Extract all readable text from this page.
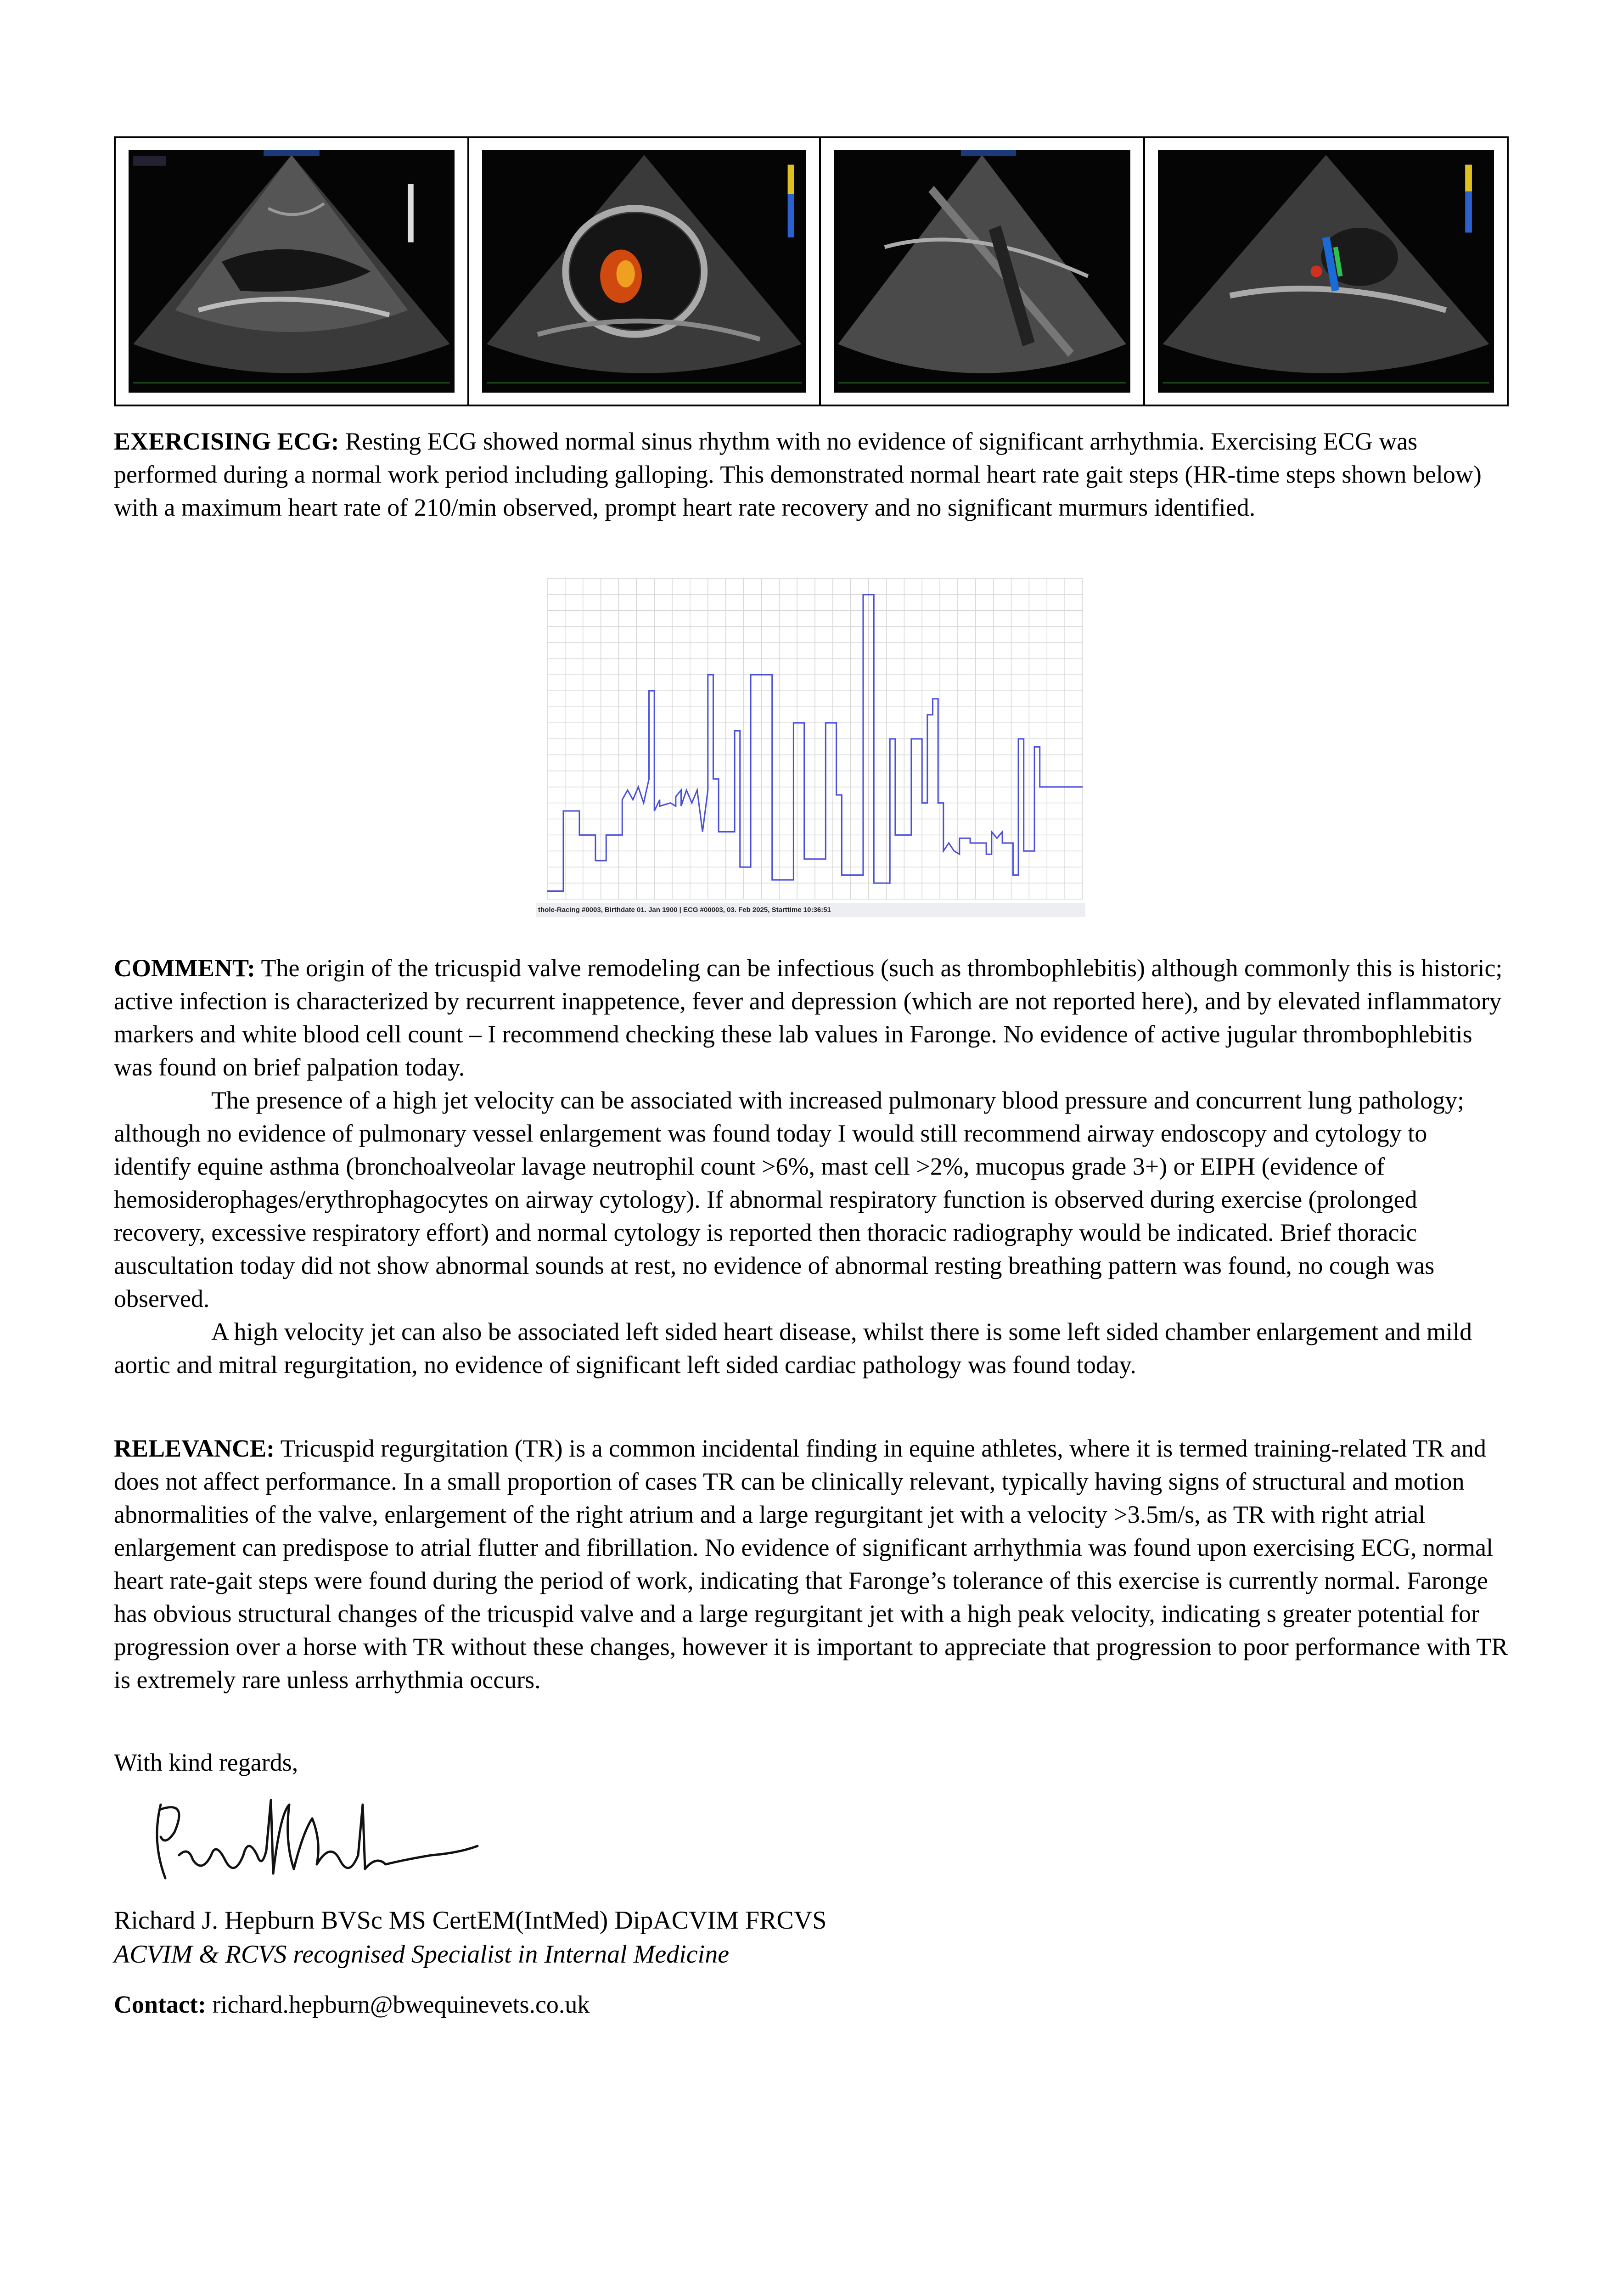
EXERCISING ECG: Resting ECG showed normal sinus rhythm with no evidence of significant arrhythmia. Exercising ECG was performed during a normal work period including galloping. This demonstrated normal heart rate gait steps (HR-time steps shown below) with a maximum heart rate of 210/min observed, prompt heart rate recovery and no significant murmurs identified.

thole-Racing #0003, Birthdate 01. Jan 1900 | ECG #00003, 03. Feb 2025, Starttime 10:36:51

COMMENT: The origin of the tricuspid valve remodeling can be infectious (such as thrombophlebitis) although commonly this is historic; active infection is characterized by recurrent inappetence, fever and depression (which are not reported here), and by elevated inflammatory markers and white blood cell count – I recommend checking these lab values in Faronge. No evidence of active jugular thrombophlebitis was found on brief palpation today.

The presence of a high jet velocity can be associated with increased pulmonary blood pressure and concurrent lung pathology; although no evidence of pulmonary vessel enlargement was found today I would still recommend airway endoscopy and cytology to identify equine asthma (bronchoalveolar lavage neutrophil count >6%, mast cell >2%, mucopus grade 3+) or EIPH (evidence of hemosiderophages/erythrophagocytes on airway cytology). If abnormal respiratory function is observed during exercise (prolonged recovery, excessive respiratory effort) and normal cytology is reported then thoracic radiography would be indicated. Brief thoracic auscultation today did not show abnormal sounds at rest, no evidence of abnormal resting breathing pattern was found, no cough was observed.

A high velocity jet can also be associated left sided heart disease, whilst there is some left sided chamber enlargement and mild aortic and mitral regurgitation, no evidence of significant left sided cardiac pathology was found today.

RELEVANCE: Tricuspid regurgitation (TR) is a common incidental finding in equine athletes, where it is termed training-related TR and does not affect performance. In a small proportion of cases TR can be clinically relevant, typically having signs of structural and motion abnormalities of the valve, enlargement of the right atrium and a large regurgitant jet with a velocity >3.5m/s, as TR with right atrial enlargement can predispose to atrial flutter and fibrillation. No evidence of significant arrhythmia was found upon exercising ECG, normal heart rate-gait steps were found during the period of work, indicating that Faronge’s tolerance of this exercise is currently normal. Faronge has obvious structural changes of the tricuspid valve and a large regurgitant jet with a high peak velocity, indicating s greater potential for progression over a horse with TR without these changes, however it is important to appreciate that progression to poor performance with TR is extremely rare unless arrhythmia occurs.

With kind regards,

Richard J. Hepburn BVSc MS CertEM(IntMed) DipACVIM FRCVS

ACVIM & RCVS recognised Specialist in Internal Medicine

Contact: richard.hepburn@bwequinevets.co.uk
